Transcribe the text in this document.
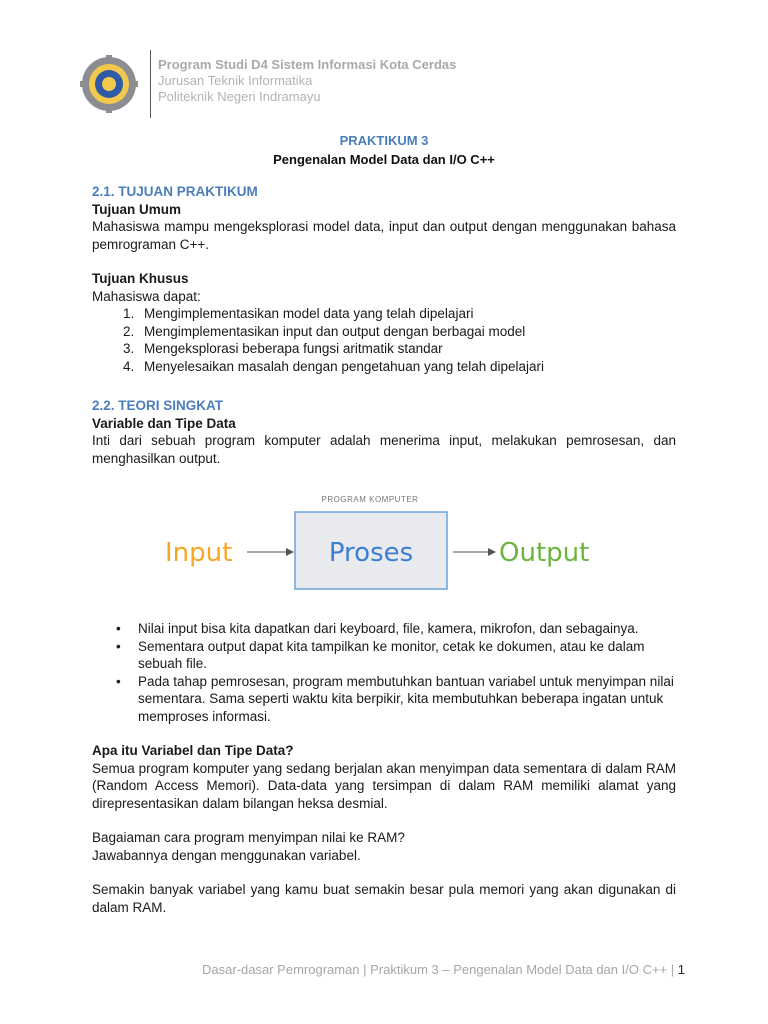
Program Studi D4 Sistem Informasi Kota Cerdas
Jurusan Teknik Informatika
Politeknik Negeri Indramayu
PRAKTIKUM 3
Pengenalan Model Data dan I/O C++
2.1. TUJUAN PRAKTIKUM
Tujuan Umum
Mahasiswa mampu mengeksplorasi model data, input dan output dengan menggunakan bahasa pemrograman C++.
Tujuan Khusus
Mahasiswa dapat:
1. Mengimplementasikan model data yang telah dipelajari
2. Mengimplementasikan input dan output dengan berbagai model
3. Mengeksplorasi beberapa fungsi aritmatik standar
4. Menyelesaikan masalah dengan pengetahuan yang telah dipelajari
2.2. TEORI SINGKAT
Variable dan Tipe Data
Inti dari sebuah program komputer adalah menerima input, melakukan pemrosesan, dan menghasilkan output.
PROGRAM KOMPUTER
Input	Proses	Output
• Nilai input bisa kita dapatkan dari keyboard, file, kamera, mikrofon, dan sebagainya.
• Sementara output dapat kita tampilkan ke monitor, cetak ke dokumen, atau ke dalam sebuah file.
• Pada tahap pemrosesan, program membutuhkan bantuan variabel untuk menyimpan nilai sementara. Sama seperti waktu kita berpikir, kita membutuhkan beberapa ingatan untuk memproses informasi.
Apa itu Variabel dan Tipe Data?
Semua program komputer yang sedang berjalan akan menyimpan data sementara di dalam RAM (Random Access Memori). Data-data yang tersimpan di dalam RAM memiliki alamat yang direpresentasikan dalam bilangan heksa desmial.
Bagaiaman cara program menyimpan nilai ke RAM?
Jawabannya dengan menggunakan variabel.
Semakin banyak variabel yang kamu buat semakin besar pula memori yang akan digunakan di dalam RAM.
Dasar-dasar Pemrograman | Praktikum 3 – Pengenalan Model Data dan I/O C++ | 1
